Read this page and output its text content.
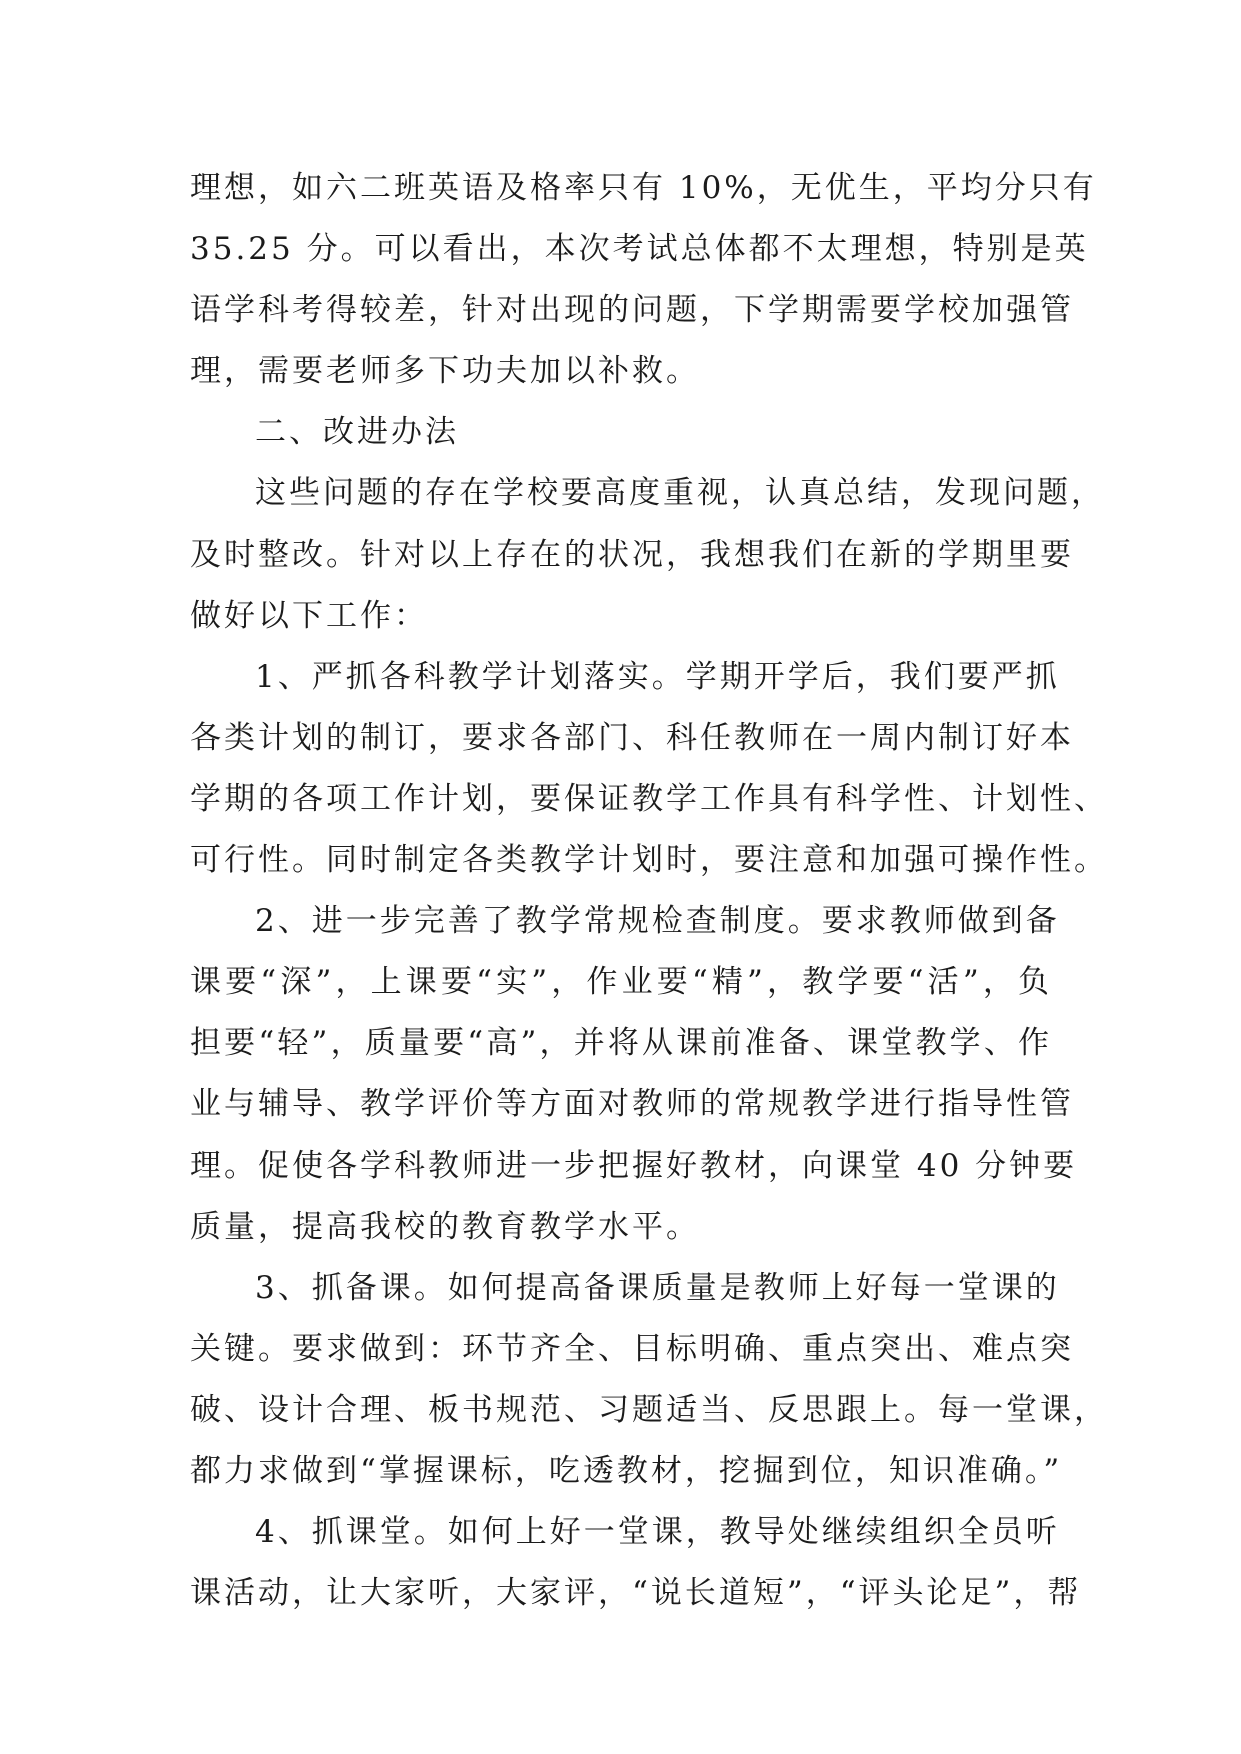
理想，如六二班英语及格率只有 10%，无优生，平均分只有
35.25 分。可以看出，本次考试总体都不太理想，特别是英
语学科考得较差，针对出现的问题，下学期需要学校加强管
理，需要老师多下功夫加以补救。
二、改进办法
这些问题的存在学校要高度重视，认真总结，发现问题，
及时整改。针对以上存在的状况，我想我们在新的学期里要
做好以下工作：
1、严抓各科教学计划落实。学期开学后，我们要严抓
各类计划的制订，要求各部门、科任教师在一周内制订好本
学期的各项工作计划，要保证教学工作具有科学性、计划性、
可行性。同时制定各类教学计划时，要注意和加强可操作性。
2、进一步完善了教学常规检查制度。要求教师做到备
课要“深”，上课要“实”，作业要“精”，教学要“活”，负
担要“轻”，质量要“高”，并将从课前准备、课堂教学、作
业与辅导、教学评价等方面对教师的常规教学进行指导性管
理。促使各学科教师进一步把握好教材，向课堂 40 分钟要
质量，提高我校的教育教学水平。
3、抓备课。如何提高备课质量是教师上好每一堂课的
关键。要求做到：环节齐全、目标明确、重点突出、难点突
破、设计合理、板书规范、习题适当、反思跟上。每一堂课，
都力求做到“掌握课标，吃透教材，挖掘到位，知识准确。”
4、抓课堂。如何上好一堂课，教导处继续组织全员听
课活动，让大家听，大家评，“说长道短”，“评头论足”，帮
